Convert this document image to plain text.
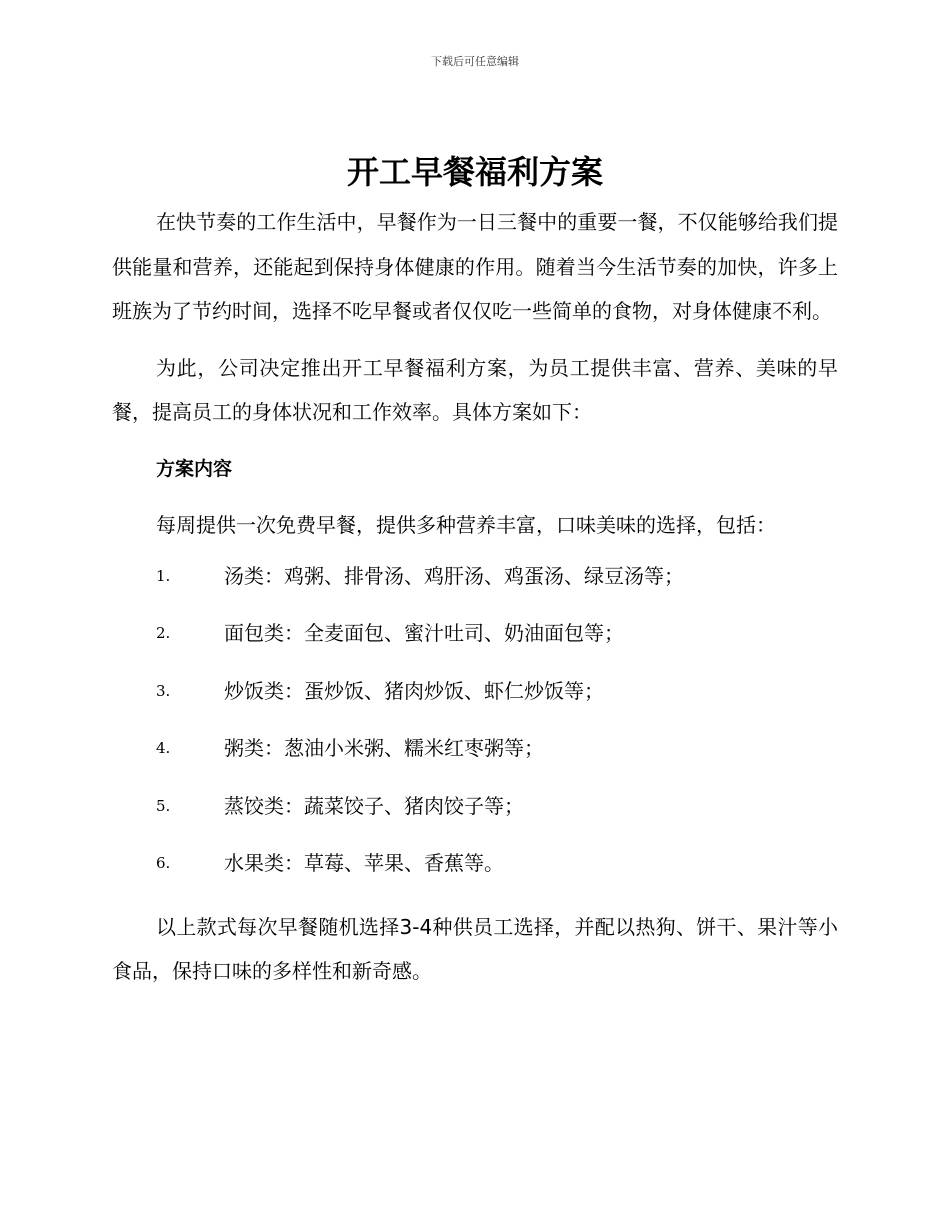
下载后可任意编辑
开工早餐福利方案

在快节奏的工作生活中，早餐作为一日三餐中的重要一餐，不仅能够给我们提供能量和营养，还能起到保持身体健康的作用。随着当今生活节奏的加快，许多上班族为了节约时间，选择不吃早餐或者仅仅吃一些简单的食物，对身体健康不利。

为此，公司决定推出开工早餐福利方案，为员工提供丰富、营养、美味的早餐，提高员工的身体状况和工作效率。具体方案如下：

方案内容
每周提供一次免费早餐，提供多种营养丰富，口味美味的选择，包括：
1.	汤类：鸡粥、排骨汤、鸡肝汤、鸡蛋汤、绿豆汤等；
2.	面包类：全麦面包、蜜汁吐司、奶油面包等；
3.	炒饭类：蛋炒饭、猪肉炒饭、虾仁炒饭等；
4.	粥类：葱油小米粥、糯米红枣粥等；
5.	蒸饺类：蔬菜饺子、猪肉饺子等；
6.	水果类：草莓、苹果、香蕉等。

以上款式每次早餐随机选择3-4种供员工选择，并配以热狗、饼干、果汁等小食品，保持口味的多样性和新奇感。
